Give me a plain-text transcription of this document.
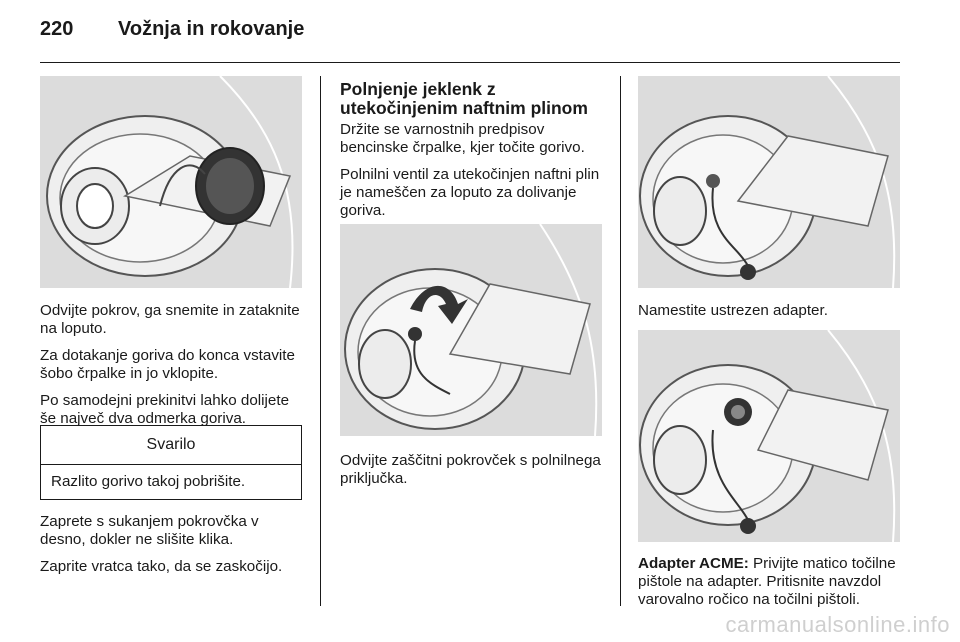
220	Vožnja in rokovanje

Odvijte pokrov, ga snemite in zataknite na loputo.

Za dotakanje goriva do konca vstavite šobo črpalke in jo vklopite.

Po samodejni prekinitvi lahko dolijete še največ dva odmerka goriva.

Svarilo
Razlito gorivo takoj pobrišite.

Zaprete s sukanjem pokrovčka v desno, dokler ne slišite klika.

Zaprite vratca tako, da se zaskočijo.

Polnjenje jeklenk z utekočinjenim naftnim plinom

Držite se varnostnih predpisov bencinske črpalke, kjer točite gorivo.

Polnilni ventil za utekočinjen naftni plin je nameščen za loputo za dolivanje goriva.

Odvijte zaščitni pokrovček s polnilnega priključka.

Namestite ustrezen adapter.

Adapter ACME: Privijte matico točilne pištole na adapter. Pritisnite navzdol varovalno ročico na točilni pištoli.

carmanualsonline.info
